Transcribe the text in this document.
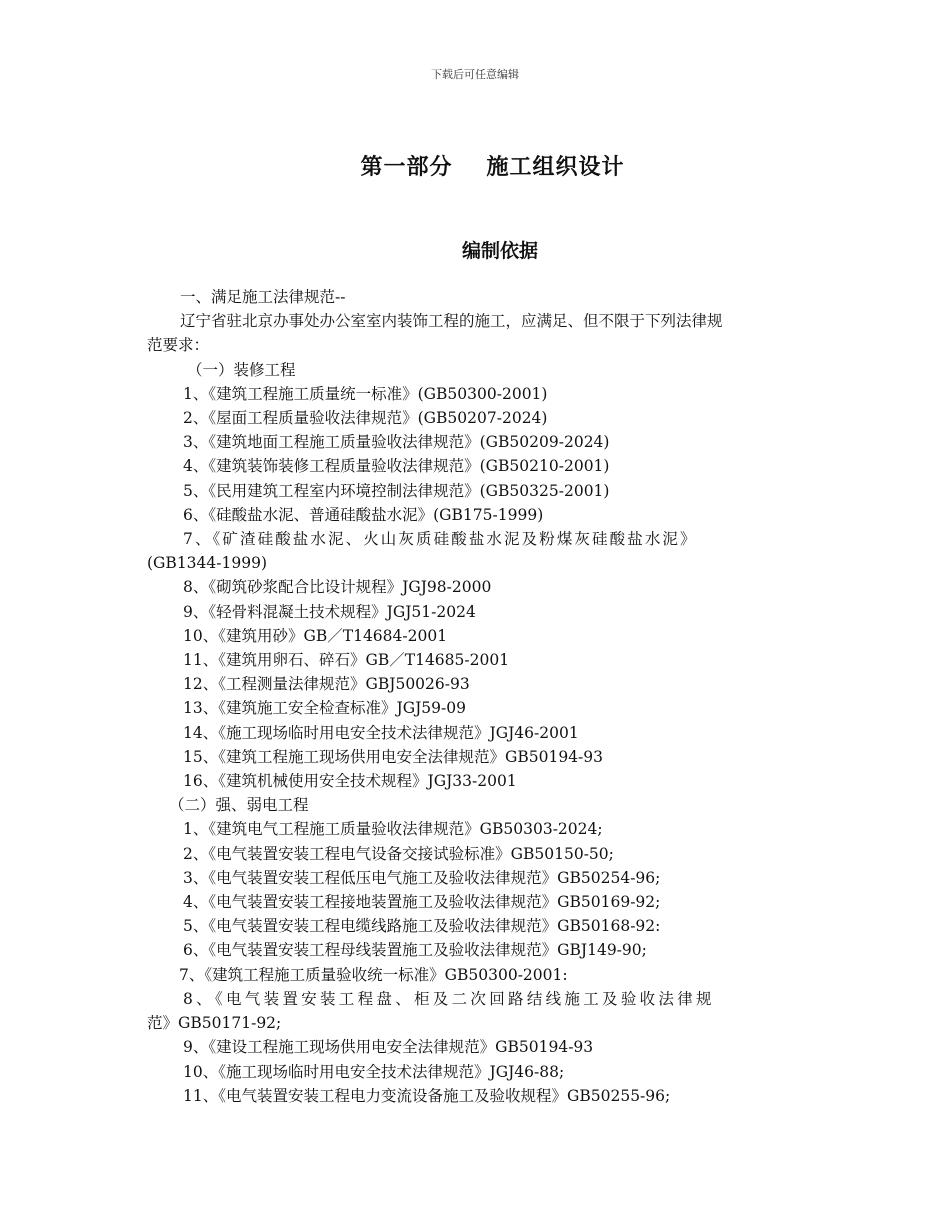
下载后可任意编辑
第一部分 施工组织设计
编制依据
一、满足施工法律规范--
辽宁省驻北京办事处办公室室内装饰工程的施工，应满足、但不限于下列法律规
范要求：
（一）装修工程
1、《建筑工程施工质量统一标准》(GB50300-2001)
2、《屋面工程质量验收法律规范》(GB50207-2024)
3、《建筑地面工程施工质量验收法律规范》(GB50209-2024)
4、《建筑装饰装修工程质量验收法律规范》(GB50210-2001)
5、《民用建筑工程室内环境控制法律规范》(GB50325-2001)
6、《硅酸盐水泥、普通硅酸盐水泥》(GB175-1999)
7、《矿渣硅酸盐水泥、火山灰质硅酸盐水泥及粉煤灰硅酸盐水泥》
(GB1344-1999)
8、《砌筑砂浆配合比设计规程》JGJ98-2000
9、《轻骨料混凝土技术规程》JGJ51-2024
10、《建筑用砂》GB／T14684-2001
11、《建筑用卵石、碎石》GB／T14685-2001
12、《工程测量法律规范》GBJ50026-93
13、《建筑施工安全检查标准》JGJ59-09
14、《施工现场临时用电安全技术法律规范》JGJ46-2001
15、《建筑工程施工现场供用电安全法律规范》GB50194-93
16、《建筑机械使用安全技术规程》JGJ33-2001
（二）强、弱电工程
1、《建筑电气工程施工质量验收法律规范》GB50303-2024;
2、《电气装置安装工程电气设备交接试验标准》GB50150-50;
3、《电气装置安装工程低压电气施工及验收法律规范》GB50254-96;
4、《电气装置安装工程接地装置施工及验收法律规范》GB50169-92;
5、《电气装置安装工程电缆线路施工及验收法律规范》GB50168-92:
6、《电气装置安装工程母线装置施工及验收法律规范》GBJ149-90;
7、《建筑工程施工质量验收统一标准》GB50300-2001:
8、《电气装置安装工程盘、柜及二次回路结线施工及验收法律规
范》GB50171-92;
9、《建设工程施工现场供用电安全法律规范》GB50194-93
10、《施工现场临时用电安全技术法律规范》JGJ46-88;
11、《电气装置安装工程电力变流设备施工及验收规程》GB50255-96;
